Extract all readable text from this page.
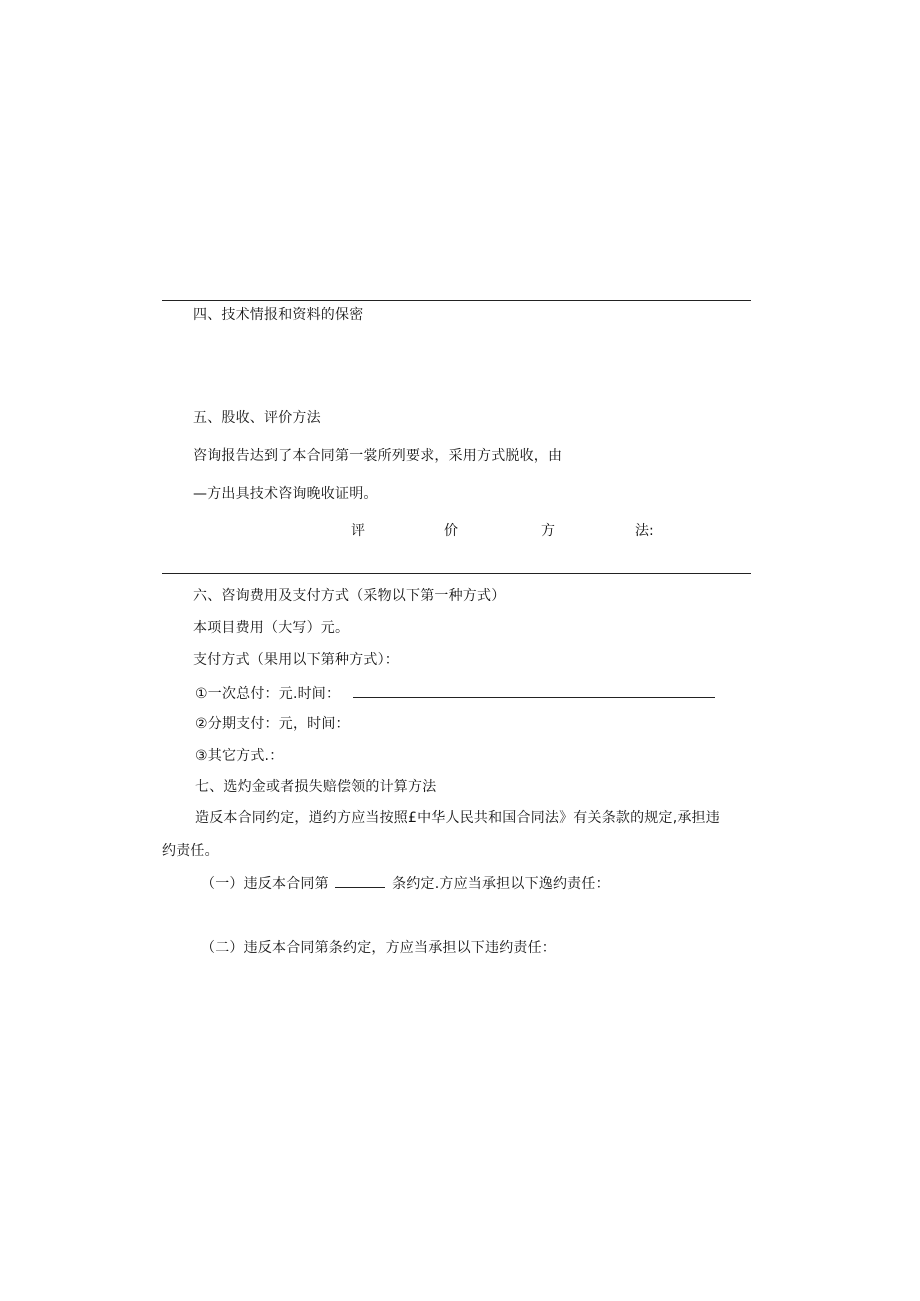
四、技术情报和资料的保密
五、股收、评价方法
咨询报告达到了本合同第一裳所列要求，采用方式脱收，由
—方出具技术咨询晚收证明。
评	价	方	法:
六、咨询费用及支付方式（采物以下第一种方式）
本项目费用（大写）元。
支付方式（果用以下第种方式）：
①一次总付：元.时间：
②分期支付：元，时间：
③其它方式.：
七、选灼金或者损失赔偿领的计算方法
造反本合同约定，逍约方应当按照£中华人民共和国合同法》有关条款的规定,承担违
约责任。
（一）违反本合同第	条约定.方应当承担以下逸约责任：
（二）违反本合同第条约定，方应当承担以下违约责任：
